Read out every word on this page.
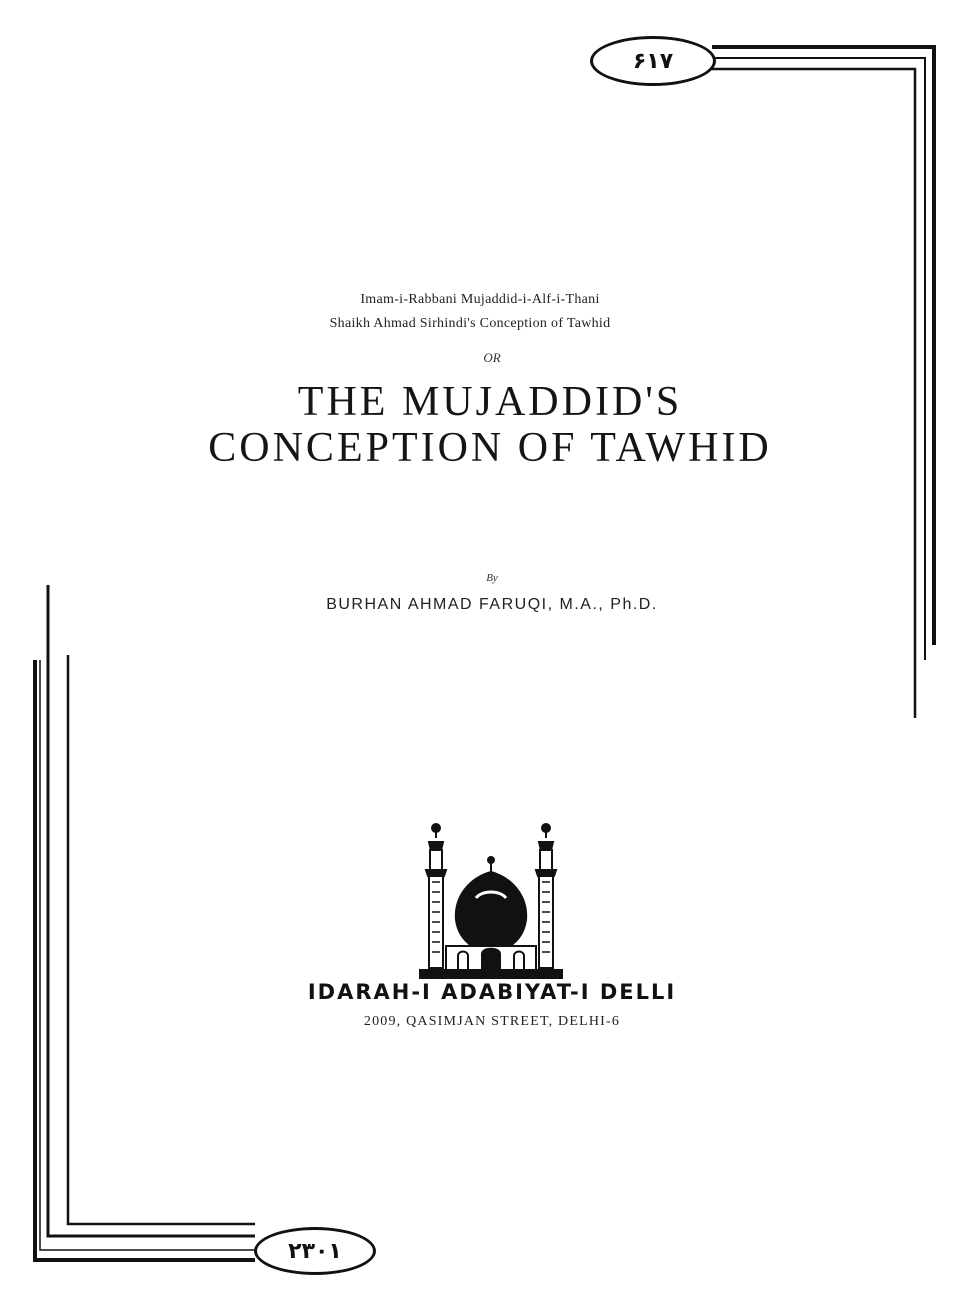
۶۱۷
۲۳۰۱
Imam-i-Rabbani Mujaddid-i-Alf-i-Thani
Shaikh Ahmad Sirhindi's Conception of Tawhid
OR
THE MUJADDID'S
CONCEPTION OF TAWHID
By
BURHAN AHMAD FARUQI, M.A., Ph.D.
IDARAH-I ADABIYAT-I DELLI
2009, QASIMJAN STREET, DELHI-6
